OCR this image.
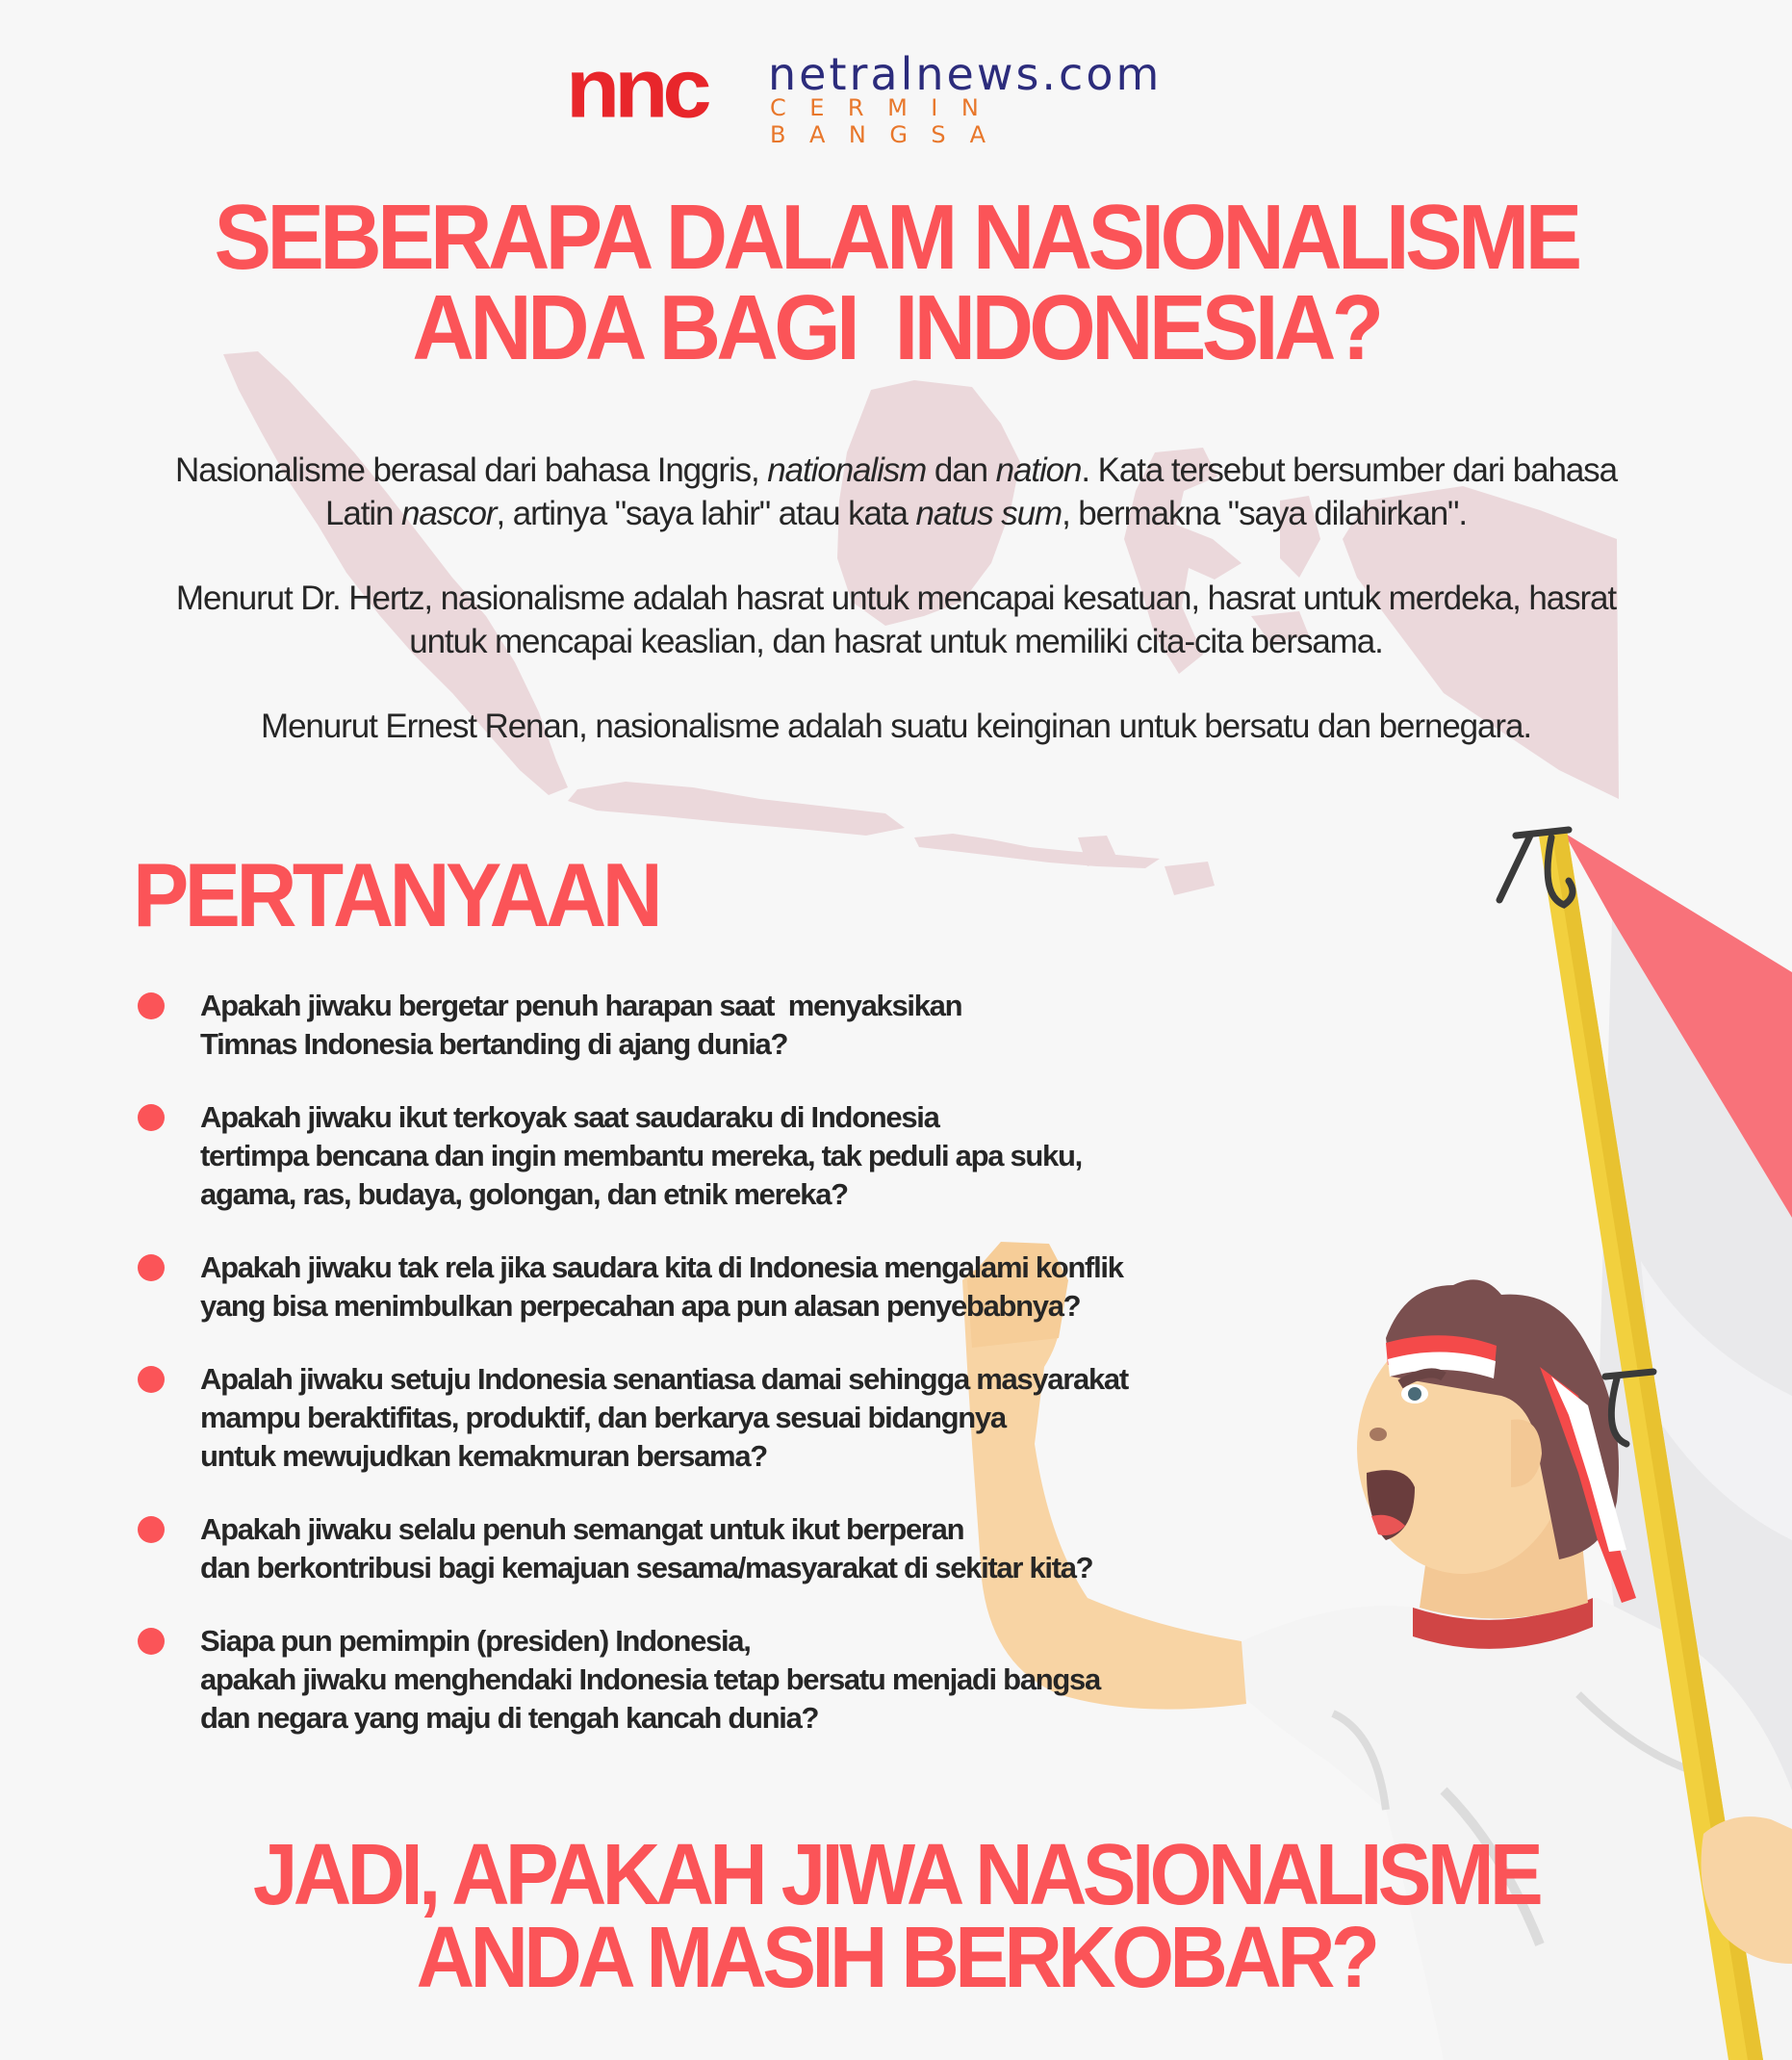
nnc netralnews.com
CERMIN BANGSA
SEBERAPA DALAM NASIONALISME
ANDA BAGI  INDONESIA?
Nasionalisme berasal dari bahasa Inggris, nationalism dan nation. Kata tersebut bersumber dari bahasa
Latin nascor, artinya "saya lahir" atau kata natus sum, bermakna "saya dilahirkan".
Menurut Dr. Hertz, nasionalisme adalah hasrat untuk mencapai kesatuan, hasrat untuk merdeka, hasrat
untuk mencapai keaslian, dan hasrat untuk memiliki cita-cita bersama.
Menurut Ernest Renan, nasionalisme adalah suatu keinginan untuk bersatu dan bernegara.
PERTANYAAN
Apakah jiwaku bergetar penuh harapan saat  menyaksikan
Timnas Indonesia bertanding di ajang dunia?
Apakah jiwaku ikut terkoyak saat saudaraku di Indonesia
tertimpa bencana dan ingin membantu mereka, tak peduli apa suku,
agama, ras, budaya, golongan, dan etnik mereka?
Apakah jiwaku tak rela jika saudara kita di Indonesia mengalami konflik
yang bisa menimbulkan perpecahan apa pun alasan penyebabnya?
Apalah jiwaku setuju Indonesia senantiasa damai sehingga masyarakat
mampu beraktifitas, produktif, dan berkarya sesuai bidangnya
untuk mewujudkan kemakmuran bersama?
Apakah jiwaku selalu penuh semangat untuk ikut berperan
dan berkontribusi bagi kemajuan sesama/masyarakat di sekitar kita?
Siapa pun pemimpin (presiden) Indonesia,
apakah jiwaku menghendaki Indonesia tetap bersatu menjadi bangsa
dan negara yang maju di tengah kancah dunia?
JADI, APAKAH JIWA NASIONALISME
ANDA MASIH BERKOBAR?
